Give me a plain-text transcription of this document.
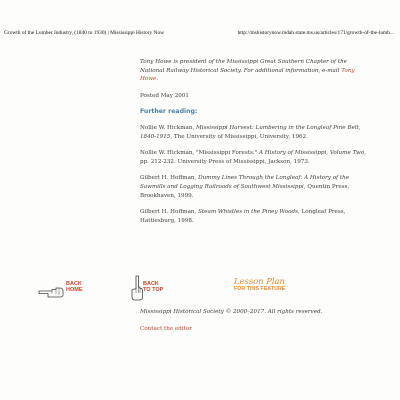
Growth of the Lumber Industry, (1840 to 1930) | Mississippi History Now	http://mshistorynow.mdah.state.ms.us/articles/171/growth-of-the-lumb...

Tony Howe is president of the Mississippi Great Southern Chapter of the National Railway Historical Society. For additional information, e-mail Tony Howe.

Posted May 2001

Further reading:

Nollie W. Hickman, Mississippi Harvest: Lumbering in the Longleaf Pine Belt, 1840-1915, The University of Mississippi, University, 1962.

Nollie W. Hickman, "Mississippi Forests." A History of Mississippi, Volume Two, pp. 212-232. University Press of Mississippi, Jackson, 1973.

Gilbert H. Hoffman, Dummy Lines Through the Longleaf: A History of the Sawmills and Logging Railroads of Southwest Mississippi, Quentin Press, Brookhaven, 1999.

Gilbert H. Hoffman, Steam Whistles in the Piney Woods, Longleaf Press, Hattiesburg, 1998.

BACK
HOME
BACK
TO TOP
Lesson Plan
FOR THIS FEATURE

Mississippi Historical Society © 2000–2017. All rights reserved.

Contact the editor
